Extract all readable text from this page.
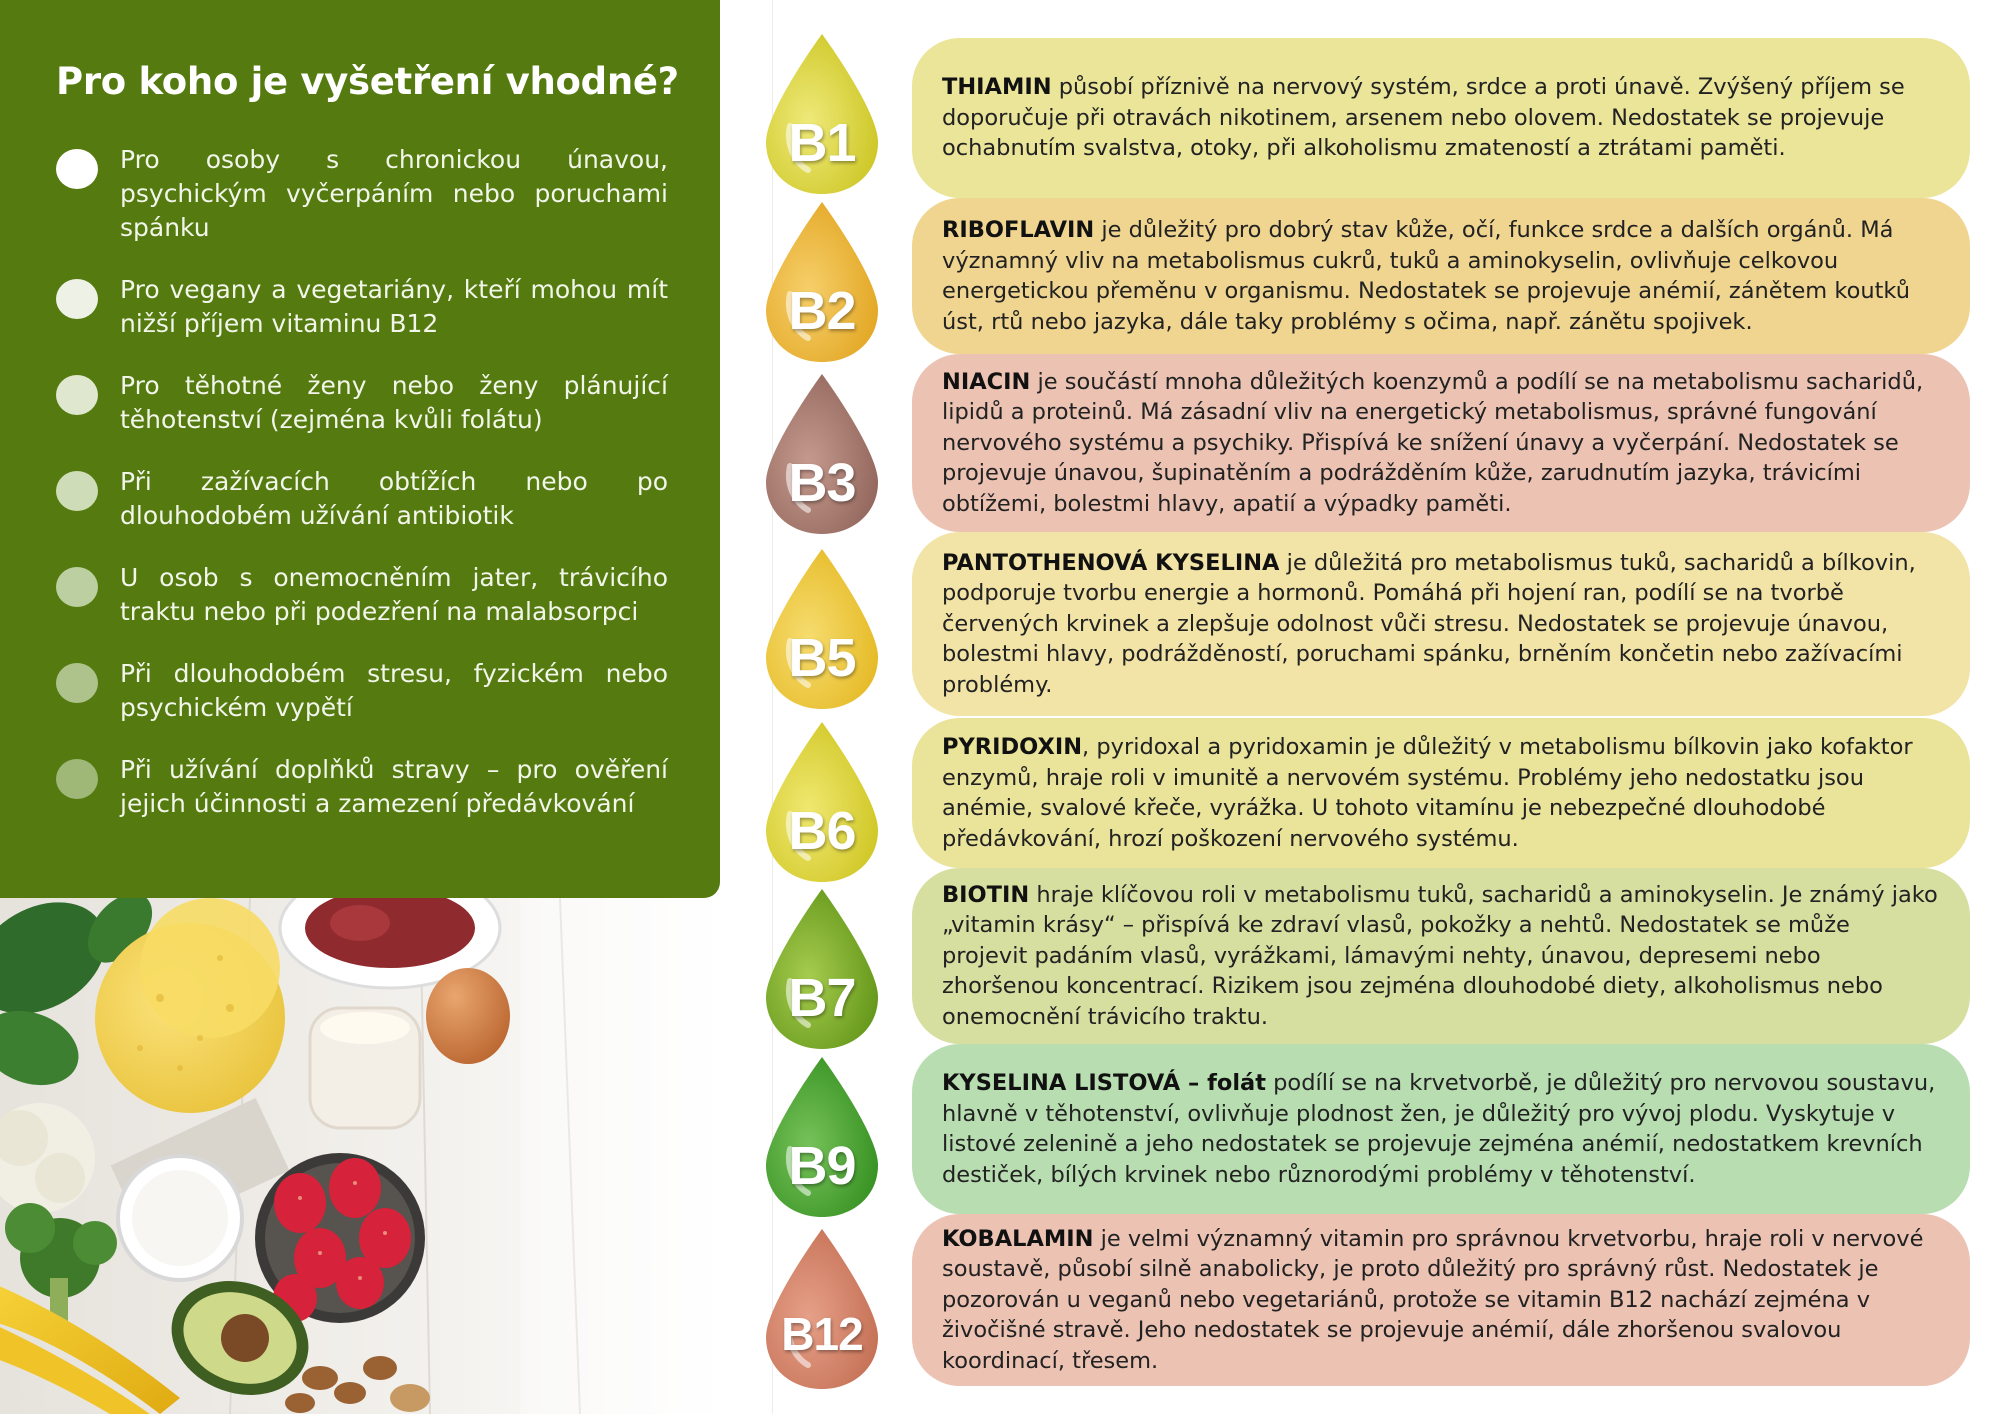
Pro koho je vyšetření vhodné?
Pro osoby s chronickou únavou, psychickým vyčerpáním nebo poruchami spánku
Pro vegany a vegetariány, kteří mohou mít nižší příjem vitaminu B12
Pro těhotné ženy nebo ženy plánující těhotenství (zejména kvůli folátu)
Při zažívacích obtížích nebo po dlouhodobém užívání antibiotik
U osob s onemocněním jater, trávicího traktu nebo při podezření na malabsorpci
Při dlouhodobém stresu, fyzickém nebo psychickém vypětí
Při užívání doplňků stravy – pro ověření jejich účinnosti a zamezení předávkování

THIAMIN působí příznivě na nervový systém, srdce a proti únavě. Zvýšený příjem se doporučuje při otravách nikotinem, arsenem nebo olovem. Nedostatek se projevuje ochabnutím svalstva, otoky, při alkoholismu zmateností a ztrátami paměti.

RIBOFLAVIN je důležitý pro dobrý stav kůže, očí, funkce srdce a dalších orgánů. Má významný vliv na metabolismus cukrů, tuků a aminokyselin, ovlivňuje celkovou energetickou přeměnu v organismu. Nedostatek se projevuje anémií, zánětem koutků úst, rtů nebo jazyka, dále taky problémy s očima, např. zánětu spojivek.

NIACIN je součástí mnoha důležitých koenzymů a podílí se na metabolismu sacharidů, lipidů a proteinů. Má zásadní vliv na energetický metabolismus, správné fungování nervového systému a psychiky. Přispívá ke snížení únavy a vyčerpání. Nedostatek se projevuje únavou, šupinatěním a podrážděním kůže, zarudnutím jazyka, trávicími obtížemi, bolestmi hlavy, apatií a výpadky paměti.

PANTOTHENOVÁ KYSELINA je důležitá pro metabolismus tuků, sacharidů a bílkovin, podporuje tvorbu energie a hormonů. Pomáhá při hojení ran, podílí se na tvorbě červených krvinek a zlepšuje odolnost vůči stresu. Nedostatek se projevuje únavou, bolestmi hlavy, podrážděností, poruchami spánku, brněním končetin nebo zažívacími problémy.

PYRIDOXIN, pyridoxal a pyridoxamin je důležitý v metabolismu bílkovin jako kofaktor enzymů, hraje roli v imunitě a nervovém systému. Problémy jeho nedostatku jsou anémie, svalové křeče, vyrážka. U tohoto vitamínu je nebezpečné dlouhodobé předávkování, hrozí poškození nervového systému.

BIOTIN hraje klíčovou roli v metabolismu tuků, sacharidů a aminokyselin. Je známý jako „vitamin krásy“ – přispívá ke zdraví vlasů, pokožky a nehtů. Nedostatek se může projevit padáním vlasů, vyrážkami, lámavými nehty, únavou, depresemi nebo zhoršenou koncentrací. Rizikem jsou zejména dlouhodobé diety, alkoholismus nebo onemocnění trávicího traktu.

KYSELINA LISTOVÁ – folát podílí se na krvetvorbě, je důležitý pro nervovou soustavu, hlavně v těhotenství, ovlivňuje plodnost žen, je důležitý pro vývoj plodu. Vyskytuje v listové zelenině a jeho nedostatek se projevuje zejména anémií, nedostatkem krevních destiček, bílých krvinek nebo různorodými problémy v těhotenství.

KOBALAMIN je velmi významný vitamin pro správnou krvetvorbu, hraje roli v nervové soustavě, působí silně anabolicky, je proto důležitý pro správný růst. Nedostatek je pozorován u veganů nebo vegetariánů, protože se vitamin B12 nachází zejména v živočišné stravě. Jeho nedostatek se projevuje anémií, dále zhoršenou svalovou koordinací, třesem.

B1
B2
B3
B5
B6
B7
B9
B12
